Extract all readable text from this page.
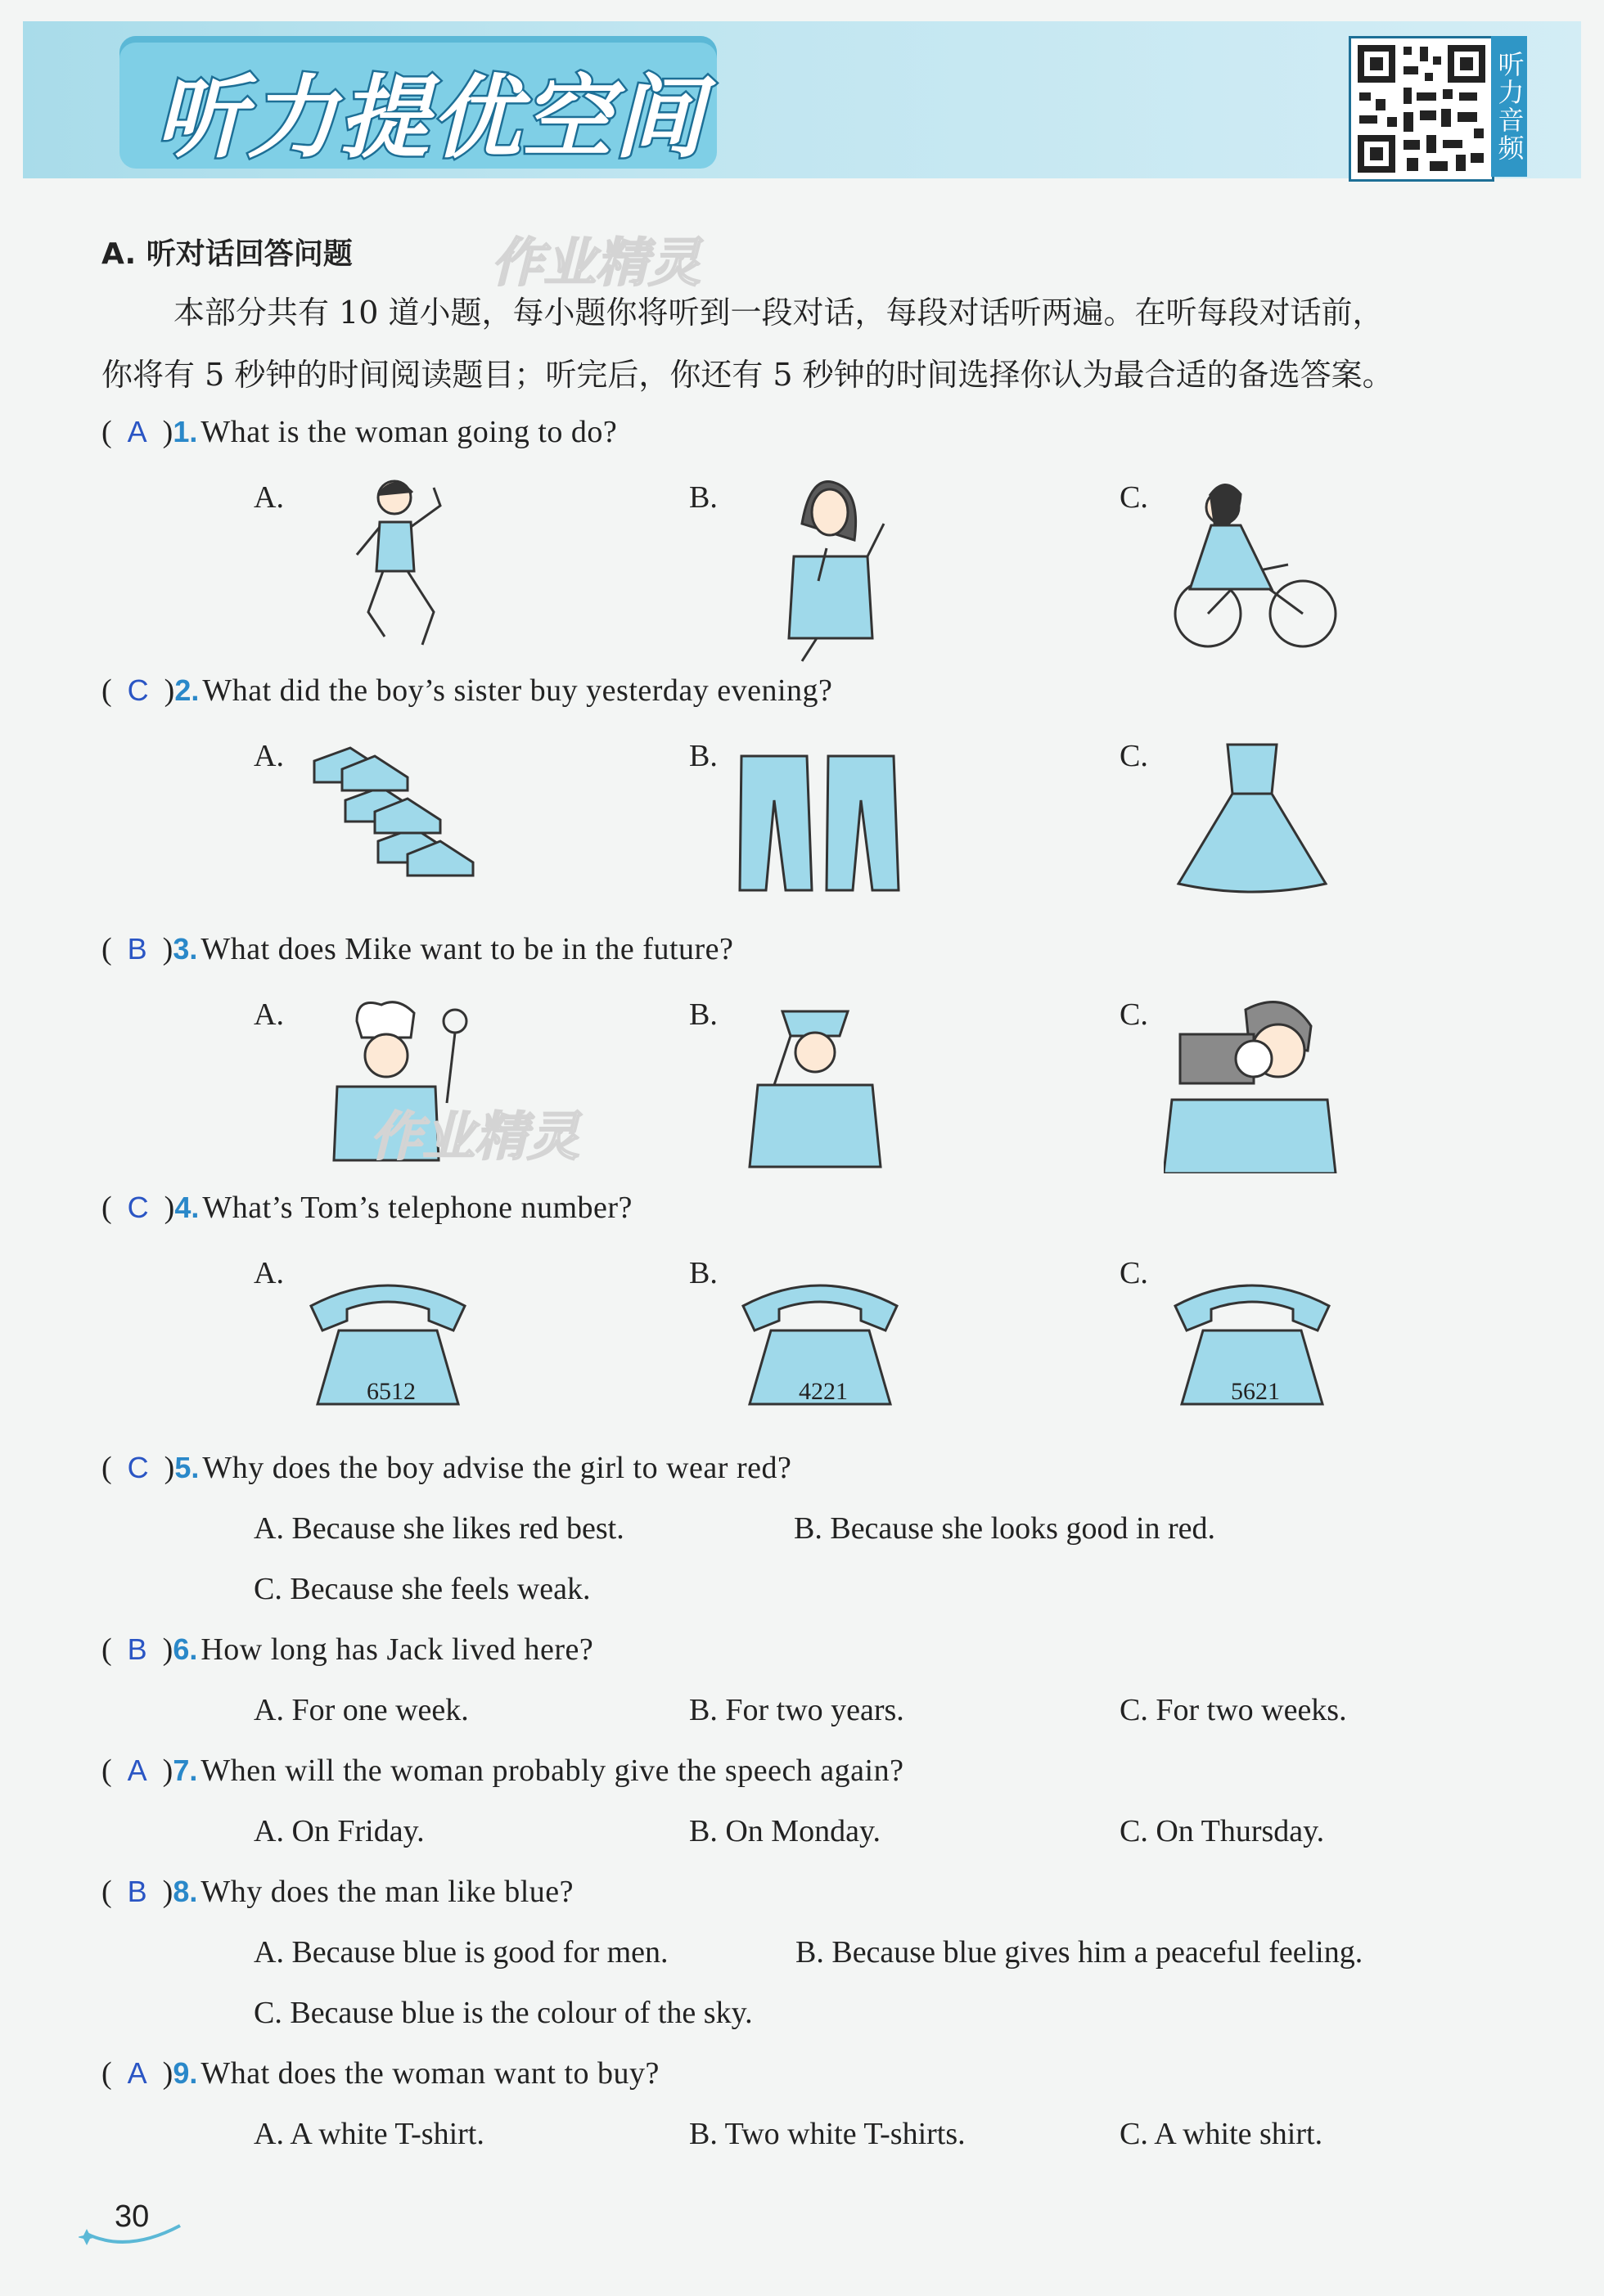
听力提优空间	听力音频
A. 听对话回答问题	作业精灵
本部分共有 10 道小题，每小题你将听到一段对话，每段对话听两遍。在听每段对话前，
你将有 5 秒钟的时间阅读题目；听完后，你还有 5 秒钟的时间选择你认为最合适的备选答案。
(  A  )1. What is the woman going to do?
A.	B.	C.
(  C  )2. What did the boy’s sister buy yesterday evening?
A.	B.	C.
(  B  )3. What does Mike want to be in the future?
A.	B.	C.
作业精灵
(  C  )4. What’s Tom’s telephone number?
A.	B.	C.
6512	4221	5621
(  C  )5. Why does the boy advise the girl to wear red?
A. Because she likes red best.	B. Because she looks good in red.
C. Because she feels weak.
(  B  )6. How long has Jack lived here?
A. For one week.	B. For two years.	C. For two weeks.
(  A  )7. When will the woman probably give the speech again?
A. On Friday.	B. On Monday.	C. On Thursday.
(  B  )8. Why does the man like blue?
A. Because blue is good for men.	B. Because blue gives him a peaceful feeling.
C. Because blue is the colour of the sky.
(  A  )9. What does the woman want to buy?
A. A white T-shirt.	B. Two white T-shirts.	C. A white shirt.
30
